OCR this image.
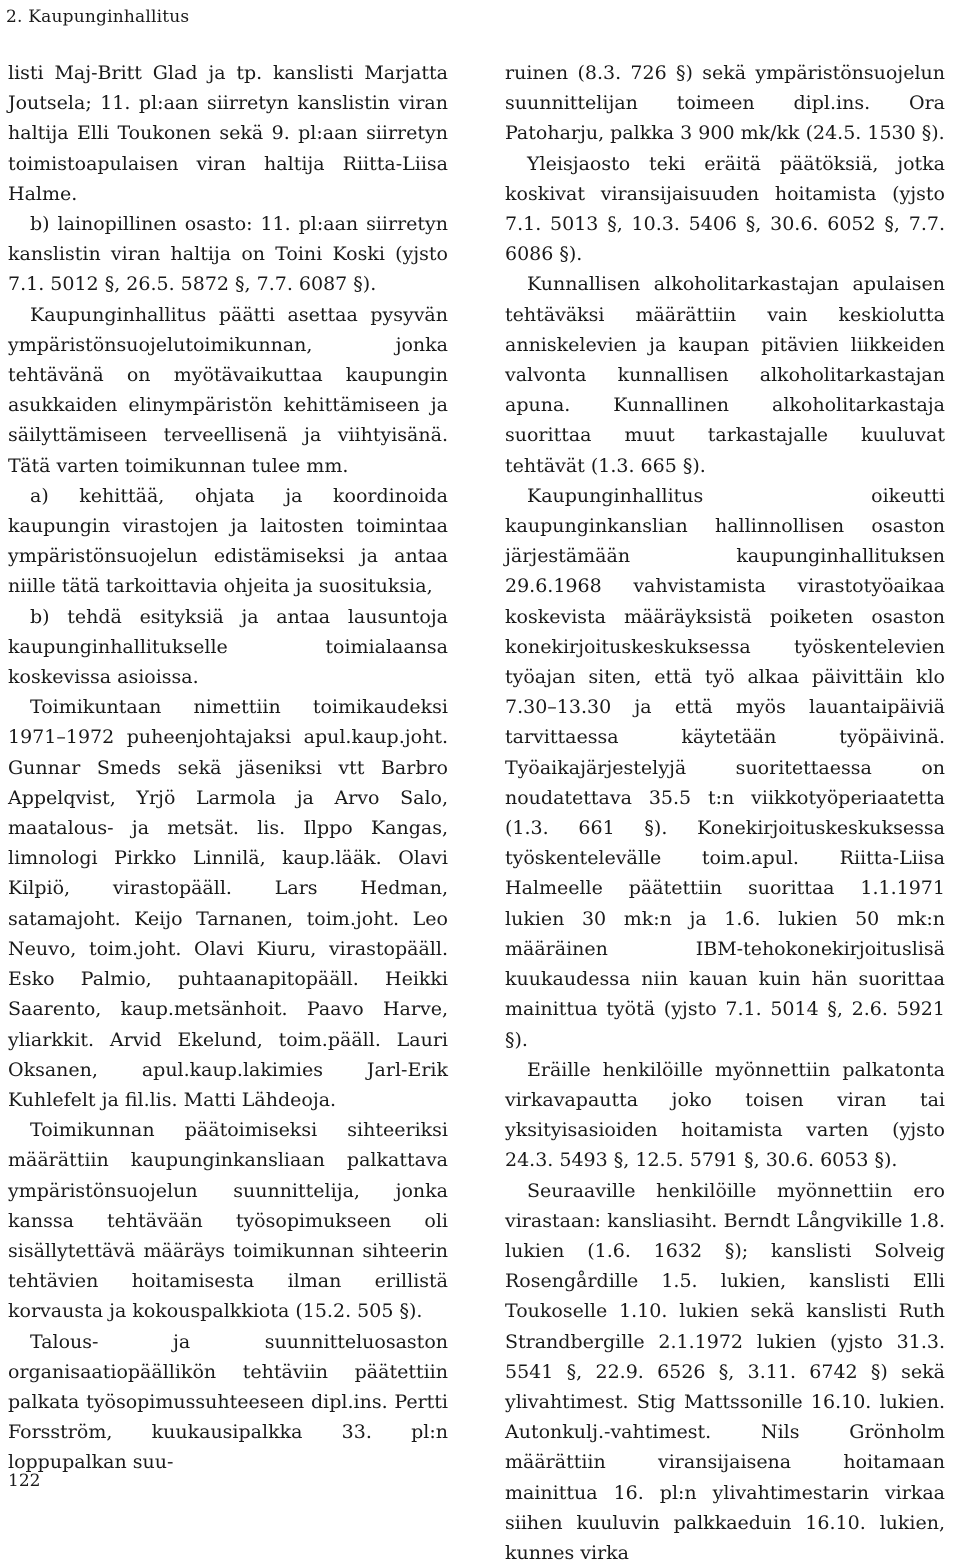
2. Kaupunginhallitus

listi Maj-Britt Glad ja tp. kanslisti Marjatta Joutsela; 11. pl:aan siirretyn kanslistin viran haltija Elli Toukonen sekä 9. pl:aan siirretyn toimistoapulaisen viran haltija Riitta-Liisa Halme.

b) lainopillinen osasto: 11. pl:aan siirretyn kanslistin viran haltija on Toini Koski (yjsto 7.1. 5012 §, 26.5. 5872 §, 7.7. 6087 §).

Kaupunginhallitus päätti asettaa pysyvän ympäristönsuojelutoimikunnan, jonka tehtävänä on myötävaikuttaa kaupungin asukkaiden elinympäristön kehittämiseen ja säilyttämiseen terveellisenä ja viihtyisänä. Tätä varten toimikunnan tulee mm.

a) kehittää, ohjata ja koordinoida kaupungin virastojen ja laitosten toimintaa ympäristönsuojelun edistämiseksi ja antaa niille tätä tarkoittavia ohjeita ja suosituksia,

b) tehdä esityksiä ja antaa lausuntoja kaupunginhallitukselle toimialaansa koskevissa asioissa.

Toimikuntaan nimettiin toimikaudeksi 1971–1972 puheenjohtajaksi apul.kaup.joht. Gunnar Smeds sekä jäseniksi vtt Barbro Appelqvist, Yrjö Larmola ja Arvo Salo, maatalous- ja metsät. lis. Ilppo Kangas, limnologi Pirkko Linnilä, kaup.lääk. Olavi Kilpiö, virastopääll. Lars Hedman, satamajoht. Keijo Tarnanen, toim.joht. Leo Neuvo, toim.joht. Olavi Kiuru, virastopääll. Esko Palmio, puhtaanapitopääll. Heikki Saarento, kaup.metsänhoit. Paavo Harve, yliarkkit. Arvid Ekelund, toim.pääll. Lauri Oksanen, apul.kaup.lakimies Jarl-Erik Kuhlefelt ja fil.lis. Matti Lähdeoja.

Toimikunnan päätoimiseksi sihteeriksi määrättiin kaupunginkansliaan palkattava ympäristönsuojelun suunnittelija, jonka kanssa tehtävään työsopimukseen oli sisällytettävä määräys toimikunnan sihteerin tehtävien hoitamisesta ilman erillistä korvausta ja kokouspalkkiota (15.2. 505 §).

Talous- ja suunnitteluosaston organisaatiopäällikön tehtäviin päätettiin palkata työsopimussuhteeseen dipl.ins. Pertti Forsström, kuukausipalkka 33. pl:n loppupalkan suu-

ruinen (8.3. 726 §) sekä ympäristönsuojelun suunnittelijan toimeen dipl.ins. Ora Patoharju, palkka 3 900 mk/kk (24.5. 1530 §).

Yleisjaosto teki eräitä päätöksiä, jotka koskivat viransijaisuuden hoitamista (yjsto 7.1. 5013 §, 10.3. 5406 §, 30.6. 6052 §, 7.7. 6086 §).

Kunnallisen alkoholitarkastajan apulaisen tehtäväksi määrättiin vain keskiolutta anniskelevien ja kaupan pitävien liikkeiden valvonta kunnallisen alkoholitarkastajan apuna. Kunnallinen alkoholitarkastaja suorittaa muut tarkastajalle kuuluvat tehtävät (1.3. 665 §).

Kaupunginhallitus oikeutti kaupunginkanslian hallinnollisen osaston järjestämään kaupunginhallituksen 29.6.1968 vahvistamista virastotyöaikaa koskevista määräyksistä poiketen osaston konekirjoituskeskuksessa työskentelevien työajan siten, että työ alkaa päivittäin klo 7.30–13.30 ja että myös lauantaipäiviä tarvittaessa käytetään työpäivinä. Työaikajärjestelyjä suoritettaessa on noudatettava 35.5 t:n viikkotyöperiaatetta (1.3. 661 §). Konekirjoituskeskuksessa työskentelevälle toim.apul. Riitta-Liisa Halmeelle päätettiin suorittaa 1.1.1971 lukien 30 mk:n ja 1.6. lukien 50 mk:n määräinen IBM-tehokonekirjoituslisä kuukaudessa niin kauan kuin hän suorittaa mainittua työtä (yjsto 7.1. 5014 §, 2.6. 5921 §).

Eräille henkilöille myönnettiin palkatonta virkavapautta joko toisen viran tai yksityisasioiden hoitamista varten (yjsto 24.3. 5493 §, 12.5. 5791 §, 30.6. 6053 §).

Seuraaville henkilöille myönnettiin ero virastaan: kansliasiht. Berndt Långvikille 1.8. lukien (1.6. 1632 §); kanslisti Solveig Rosengårdille 1.5. lukien, kanslisti Elli Toukoselle 1.10. lukien sekä kanslisti Ruth Strandbergille 2.1.1972 lukien (yjsto 31.3. 5541 §, 22.9. 6526 §, 3.11. 6742 §) sekä ylivahtimest. Stig Mattssonille 16.10. lukien. Autonkulj.-vahtimest. Nils Grönholm määrättiin viransijaisena hoitamaan mainittua 16. pl:n ylivahtimestarin virkaa siihen kuuluvin palkkaeduin 16.10. lukien, kunnes virka

122
